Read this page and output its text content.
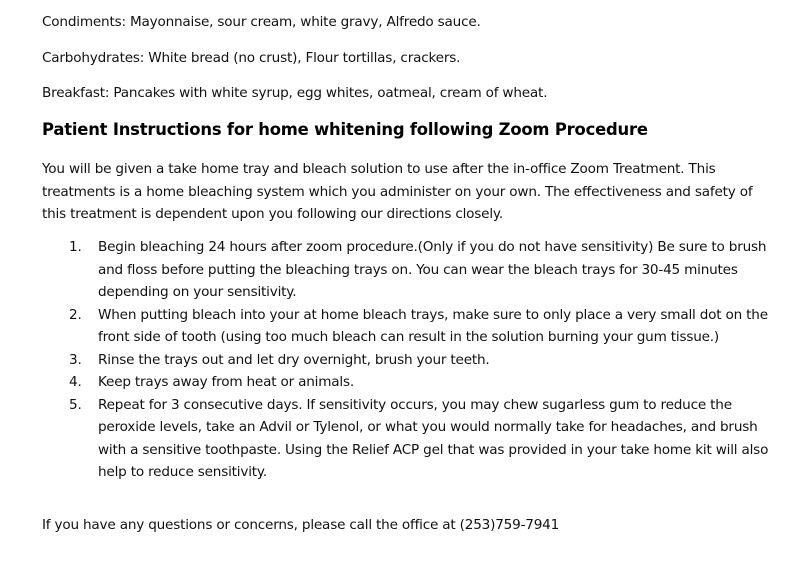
Condiments: Mayonnaise, sour cream, white gravy, Alfredo sauce.

Carbohydrates: White bread (no crust), Flour tortillas, crackers.

Breakfast: Pancakes with white syrup, egg whites, oatmeal, cream of wheat.

Patient Instructions for home whitening following Zoom Procedure

You will be given a take home tray and bleach solution to use after the in-office Zoom Treatment. This treatments is a home bleaching system which you administer on your own. The effectiveness and safety of this treatment is dependent upon you following our directions closely.

1. Begin bleaching 24 hours after zoom procedure.(Only if you do not have sensitivity) Be sure to brush and floss before putting the bleaching trays on. You can wear the bleach trays for 30-45 minutes depending on your sensitivity.
2. When putting bleach into your at home bleach trays, make sure to only place a very small dot on the front side of tooth (using too much bleach can result in the solution burning your gum tissue.)
3. Rinse the trays out and let dry overnight, brush your teeth.
4. Keep trays away from heat or animals.
5. Repeat for 3 consecutive days. If sensitivity occurs, you may chew sugarless gum to reduce the peroxide levels, take an Advil or Tylenol, or what you would normally take for headaches, and brush with a sensitive toothpaste. Using the Relief ACP gel that was provided in your take home kit will also help to reduce sensitivity.

If you have any questions or concerns, please call the office at (253)759-7941
